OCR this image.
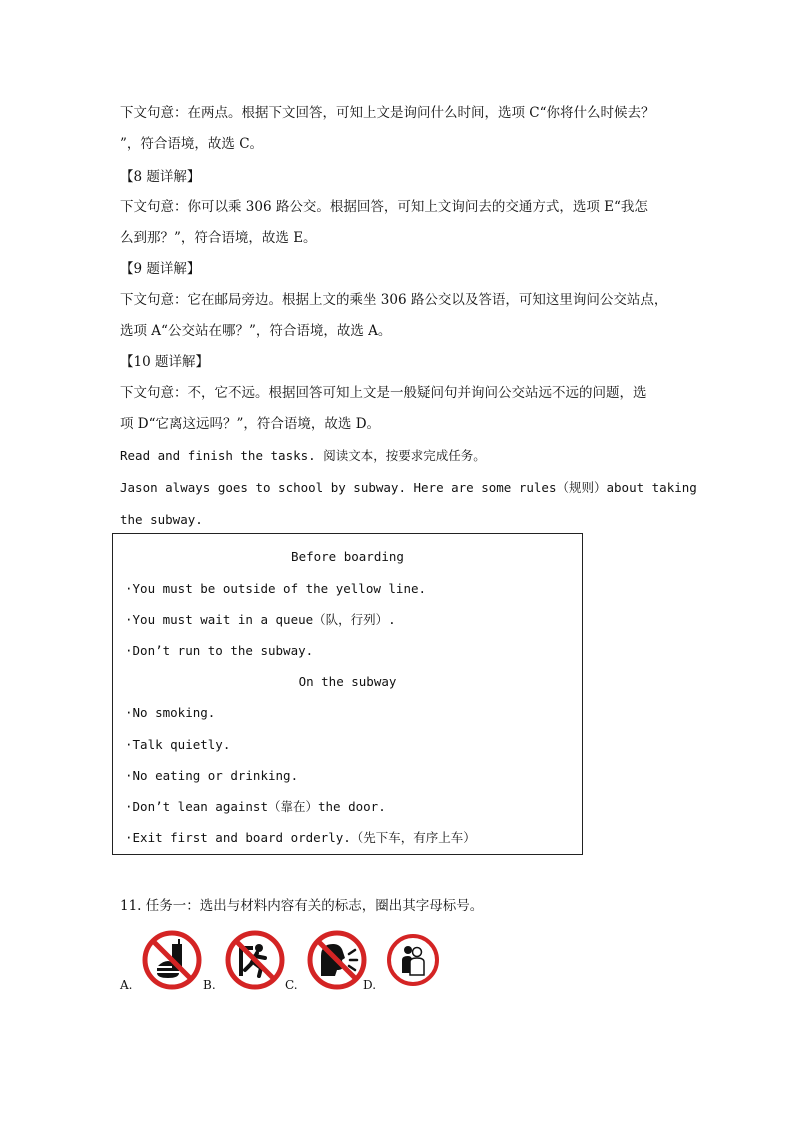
下文句意：在两点。根据下文回答，可知上文是询问什么时间，选项 C“你将什么时候去？
”，符合语境，故选 C。
【8 题详解】
下文句意：你可以乘 306 路公交。根据回答，可知上文询问去的交通方式，选项 E“我怎
么到那？”，符合语境，故选 E。
【9 题详解】
下文句意：它在邮局旁边。根据上文的乘坐 306 路公交以及答语，可知这里询问公交站点，
选项 A“公交站在哪？”，符合语境，故选 A。
【10 题详解】
下文句意：不，它不远。根据回答可知上文是一般疑问句并询问公交站远不远的问题，选
项 D“它离这远吗？”，符合语境，故选 D。
Read and finish the tasks. 阅读文本，按要求完成任务。
Jason always goes to school by subway. Here are some rules（规则）about taking
the subway.
Before boarding
·You must be outside of the yellow line.
·You must wait in a queue（队，行列）.
·Don’t run to the subway.
On the subway
·No smoking.
·Talk quietly.
·No eating or drinking.
·Don’t lean against（靠在）the door.
·Exit first and board orderly.（先下车，有序上车）
11. 任务一：选出与材料内容有关的标志，圈出其字母标号。
A.	B.	C.	D.
